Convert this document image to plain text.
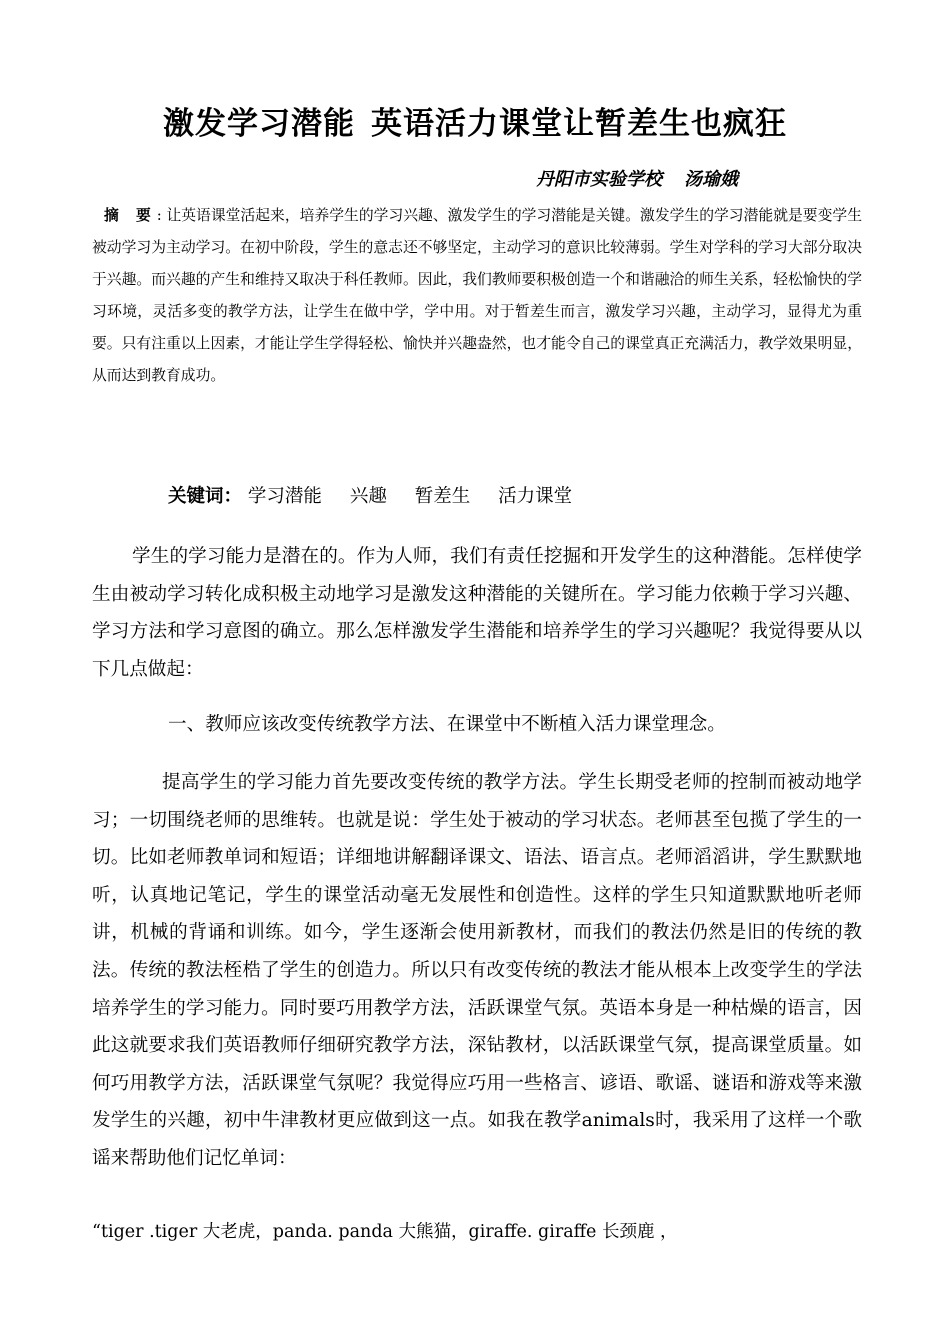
激发学习潜能 英语活力课堂让暂差生也疯狂
丹阳市实验学校 汤瑜娥
摘 要: 让英语课堂活起来，培养学生的学习兴趣、激发学生的学习潜能是关键。激发学生的学习潜能就是要变学生被动学习为主动学习。在初中阶段，学生的意志还不够坚定，主动学习的意识比较薄弱。学生对学科的学习大部分取决于兴趣。而兴趣的产生和维持又取决于科任教师。因此，我们教师要积极创造一个和谐融洽的师生关系，轻松愉快的学习环境，灵活多变的教学方法，让学生在做中学，学中用。对于暂差生而言，激发学习兴趣，主动学习，显得尤为重要。只有注重以上因素，才能让学生学得轻松、愉快并兴趣盎然，也才能令自己的课堂真正充满活力，教学效果明显，从而达到教育成功。
关键词： 学习潜能 兴趣 暂差生 活力课堂
学生的学习能力是潜在的。作为人师，我们有责任挖掘和开发学生的这种潜能。怎样使学生由被动学习转化成积极主动地学习是激发这种潜能的关键所在。学习能力依赖于学习兴趣、学习方法和学习意图的确立。那么怎样激发学生潜能和培养学生的学习兴趣呢？我觉得要从以下几点做起：
一、教师应该改变传统教学方法、在课堂中不断植入活力课堂理念。
提高学生的学习能力首先要改变传统的教学方法。学生长期受老师的控制而被动地学习；一切围绕老师的思维转。也就是说：学生处于被动的学习状态。老师甚至包揽了学生的一切。比如老师教单词和短语；详细地讲解翻译课文、语法、语言点。老师滔滔讲，学生默默地听，认真地记笔记，学生的课堂活动毫无发展性和创造性。这样的学生只知道默默地听老师讲，机械的背诵和训练。如今，学生逐渐会使用新教材，而我们的教法仍然是旧的传统的教法。传统的教法桎梏了学生的创造力。所以只有改变传统的教法才能从根本上改变学生的学法培养学生的学习能力。同时要巧用教学方法，活跃课堂气氛。英语本身是一种枯燥的语言，因此这就要求我们英语教师仔细研究教学方法，深钻教材，以活跃课堂气氛，提高课堂质量。如何巧用教学方法，活跃课堂气氛呢？我觉得应巧用一些格言、谚语、歌谣、谜语和游戏等来激发学生的兴趣，初中牛津教材更应做到这一点。如我在教学animals时，我采用了这样一个歌谣来帮助他们记忆单词：
“tiger .tiger 大老虎，panda. panda 大熊猫，giraffe. giraffe 长颈鹿 ，
